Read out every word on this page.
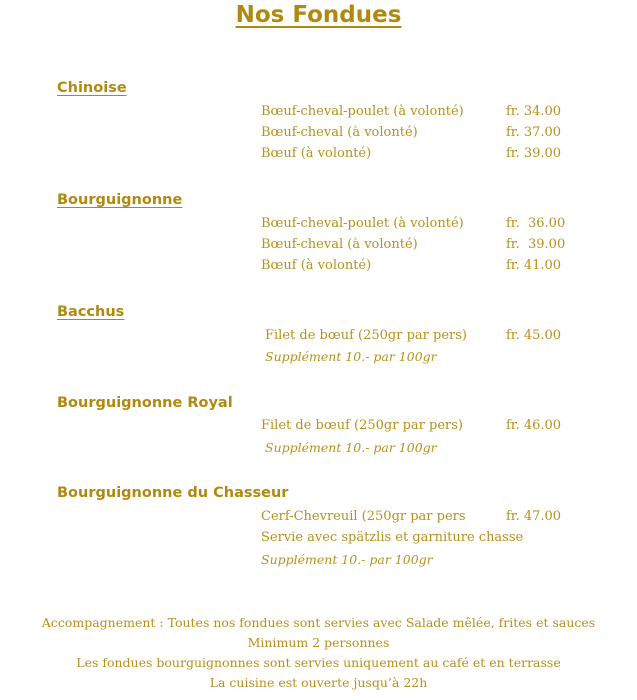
Nos Fondues
Chinoise
Bœuf-cheval-poulet (à volonté)	fr. 34.00
Bœuf-cheval (à volonté)	fr. 37.00
Bœuf (à volonté)	fr. 39.00
Bourguignonne
Bœuf-cheval-poulet (à volonté)	fr.  36.00
Bœuf-cheval (à volonté)	fr.  39.00
Bœuf (à volonté)	fr. 41.00
Bacchus
Filet de bœuf (250gr par pers)	fr. 45.00
Supplément 10.- par 100gr
Bourguignonne Royal
Filet de bœuf (250gr par pers)	fr. 46.00
Supplément 10.- par 100gr
Bourguignonne du Chasseur
Cerf-Chevreuil (250gr par pers	fr. 47.00
Servie avec spätzlis et garniture chasse
Supplément 10.- par 100gr
Accompagnement : Toutes nos fondues sont servies avec Salade mêlée, frites et sauces
Minimum 2 personnes
Les fondues bourguignonnes sont servies uniquement au café et en terrasse
La cuisine est ouverte jusqu’à 22h
